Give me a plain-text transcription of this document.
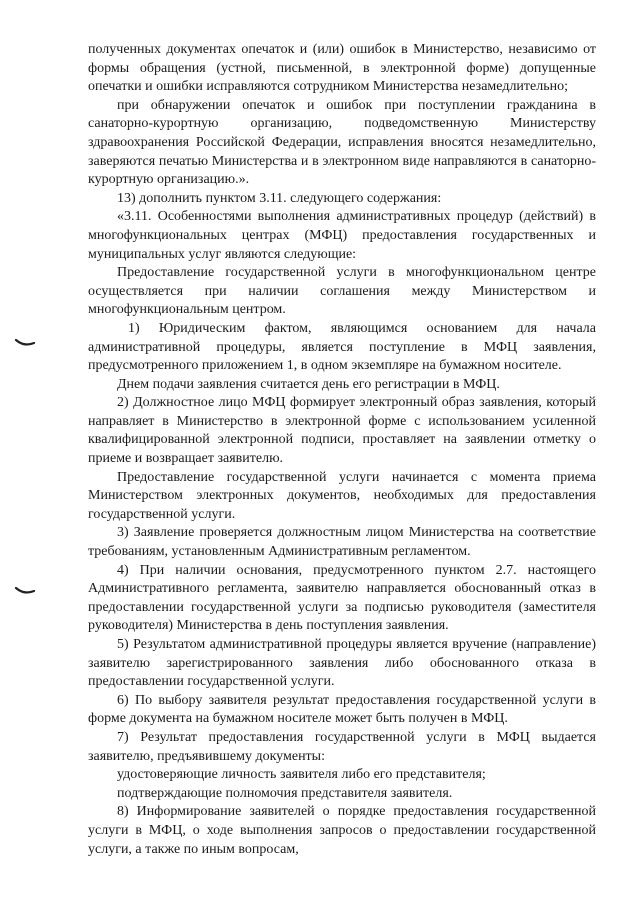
полученных документах опечаток и (или) ошибок в Министерство, независимо от формы обращения (устной, письменной, в электронной форме) допущенные опечатки и ошибки исправляются сотрудником Министерства незамедлительно;

при обнаружении опечаток и ошибок при поступлении гражданина в санаторно-курортную организацию, подведомственную Министерству здравоохранения Российской Федерации, исправления вносятся незамедлительно, заверяются печатью Министерства и в электронном виде направляются в санаторно-курортную организацию.».

13) дополнить пунктом 3.11. следующего содержания:

«3.11. Особенностями выполнения административных процедур (действий) в многофункциональных центрах (МФЦ) предоставления государственных и муниципальных услуг являются следующие:

Предоставление государственной услуги в многофункциональном центре осуществляется при наличии соглашения между Министерством и многофункциональным центром.

1) Юридическим фактом, являющимся основанием для начала административной процедуры, является поступление в МФЦ заявления, предусмотренного приложением 1, в одном экземпляре на бумажном носителе.

Днем подачи заявления считается день его регистрации в МФЦ.

2) Должностное лицо МФЦ формирует электронный образ заявления, который направляет в Министерство в электронной форме с использованием усиленной квалифицированной электронной подписи, проставляет на заявлении отметку о приеме и возвращает заявителю.

Предоставление государственной услуги начинается с момента приема Министерством электронных документов, необходимых для предоставления государственной услуги.

3) Заявление проверяется должностным лицом Министерства на соответствие требованиям, установленным Административным регламентом.

4) При наличии основания, предусмотренного пунктом 2.7. настоящего Административного регламента, заявителю направляется обоснованный отказ в предоставлении государственной услуги за подписью руководителя (заместителя руководителя) Министерства в день поступления заявления.

5) Результатом административной процедуры является вручение (направление) заявителю зарегистрированного заявления либо обоснованного отказа в предоставлении государственной услуги.

6) По выбору заявителя результат предоставления государственной услуги в форме документа на бумажном носителе может быть получен в МФЦ.

7) Результат предоставления государственной услуги в МФЦ выдается заявителю, предъявившему документы:

удостоверяющие личность заявителя либо его представителя;

подтверждающие полномочия представителя заявителя.

8) Информирование заявителей о порядке предоставления государственной услуги в МФЦ, о ходе выполнения запросов о предоставлении государственной услуги, а также по иным вопросам,
